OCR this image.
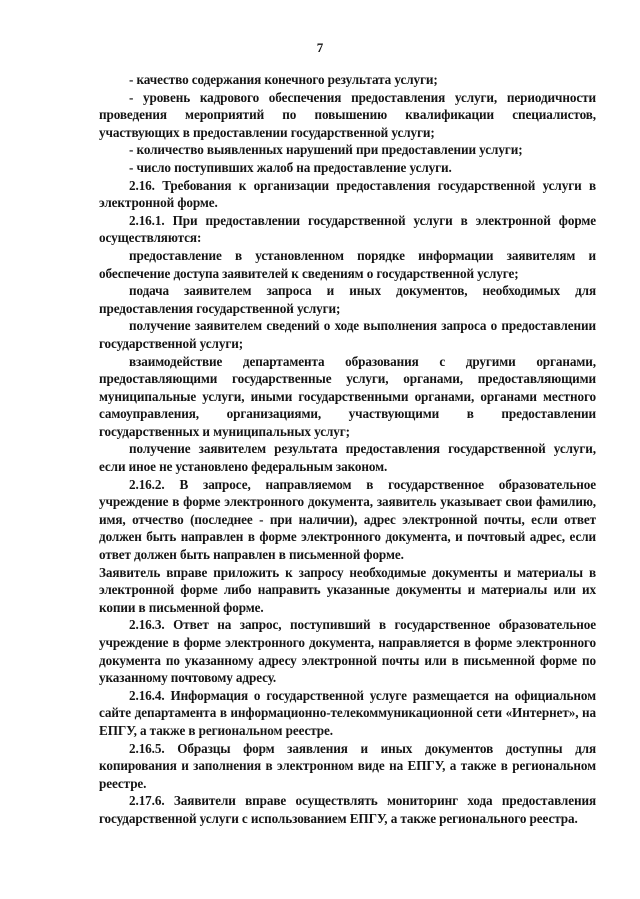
7

- качество содержания конечного результата услуги;

- уровень кадрового обеспечения предоставления услуги, периодичности проведения мероприятий по повышению квалификации специалистов, участвующих в предоставлении государственной услуги;

- количество выявленных нарушений при предоставлении услуги;

- число поступивших жалоб на предоставление услуги.

2.16. Требования к организации предоставления государственной услуги в электронной форме.

2.16.1. При предоставлении государственной услуги в электронной форме осуществляются:

предоставление в установленном порядке информации заявителям и обеспечение доступа заявителей к сведениям о государственной услуге;

подача заявителем запроса и иных документов, необходимых для предоставления государственной услуги;

получение заявителем сведений о ходе выполнения запроса о предоставлении государственной услуги;

взаимодействие департамента образования с другими органами, предоставляющими государственные услуги, органами, предоставляющими муниципальные услуги, иными государственными органами, органами местного самоуправления, организациями, участвующими в предоставлении государственных и муниципальных услуг;

получение заявителем результата предоставления государственной услуги, если иное не установлено федеральным законом.

2.16.2. В запросе, направляемом в государственное образовательное учреждение в форме электронного документа, заявитель указывает свои фамилию, имя, отчество (последнее - при наличии), адрес электронной почты, если ответ должен быть направлен в форме электронного документа, и почтовый адрес, если ответ должен быть направлен в письменной форме.

Заявитель вправе приложить к запросу необходимые документы и материалы в электронной форме либо направить указанные документы и материалы или их копии в письменной форме.

2.16.3. Ответ на запрос, поступивший в государственное образовательное учреждение в форме электронного документа, направляется в форме электронного документа по указанному адресу электронной почты или в письменной форме по указанному почтовому адресу.

2.16.4. Информация о государственной услуге размещается на официальном сайте департамента в информационно-телекоммуникационной сети «Интернет», на ЕПГУ, а также в региональном реестре.

2.16.5. Образцы форм заявления и иных документов доступны для копирования и заполнения в электронном виде на ЕПГУ, а также в региональном реестре.

2.17.6. Заявители вправе осуществлять мониторинг хода предоставления государственной услуги с использованием ЕПГУ, а также регионального реестра.
